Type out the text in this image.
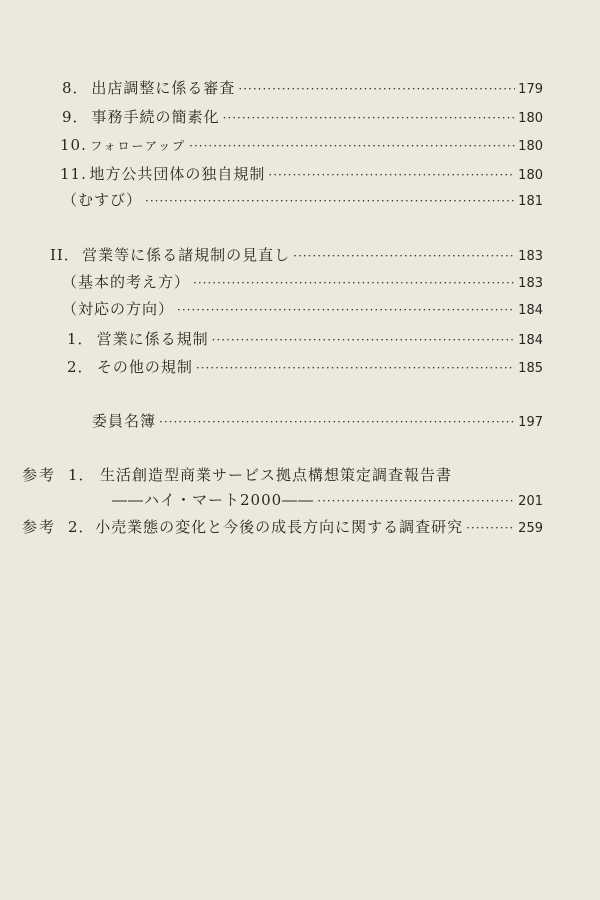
8． 出店調整に係る審査 ·····	179
9． 事務手続の簡素化 ·····	180
10. フォローアップ ·····	180
11. 地方公共団体の独自規制 ·····	180
（むすび） ·····	181
II． 営業等に係る諸規制の見直し ·····	183
（基本的考え方） ·····	183
（対応の方向） ·····	184
1． 営業に係る規制 ·····	184
2． その他の規制 ·····	185
委員名簿 ·····	197
参考 1． 生活創造型商業サービス拠点構想策定調査報告書
――ハイ・マート2000―― ·····	201
参考 2． 小売業態の変化と今後の成長方向に関する調査研究 ·····	259
